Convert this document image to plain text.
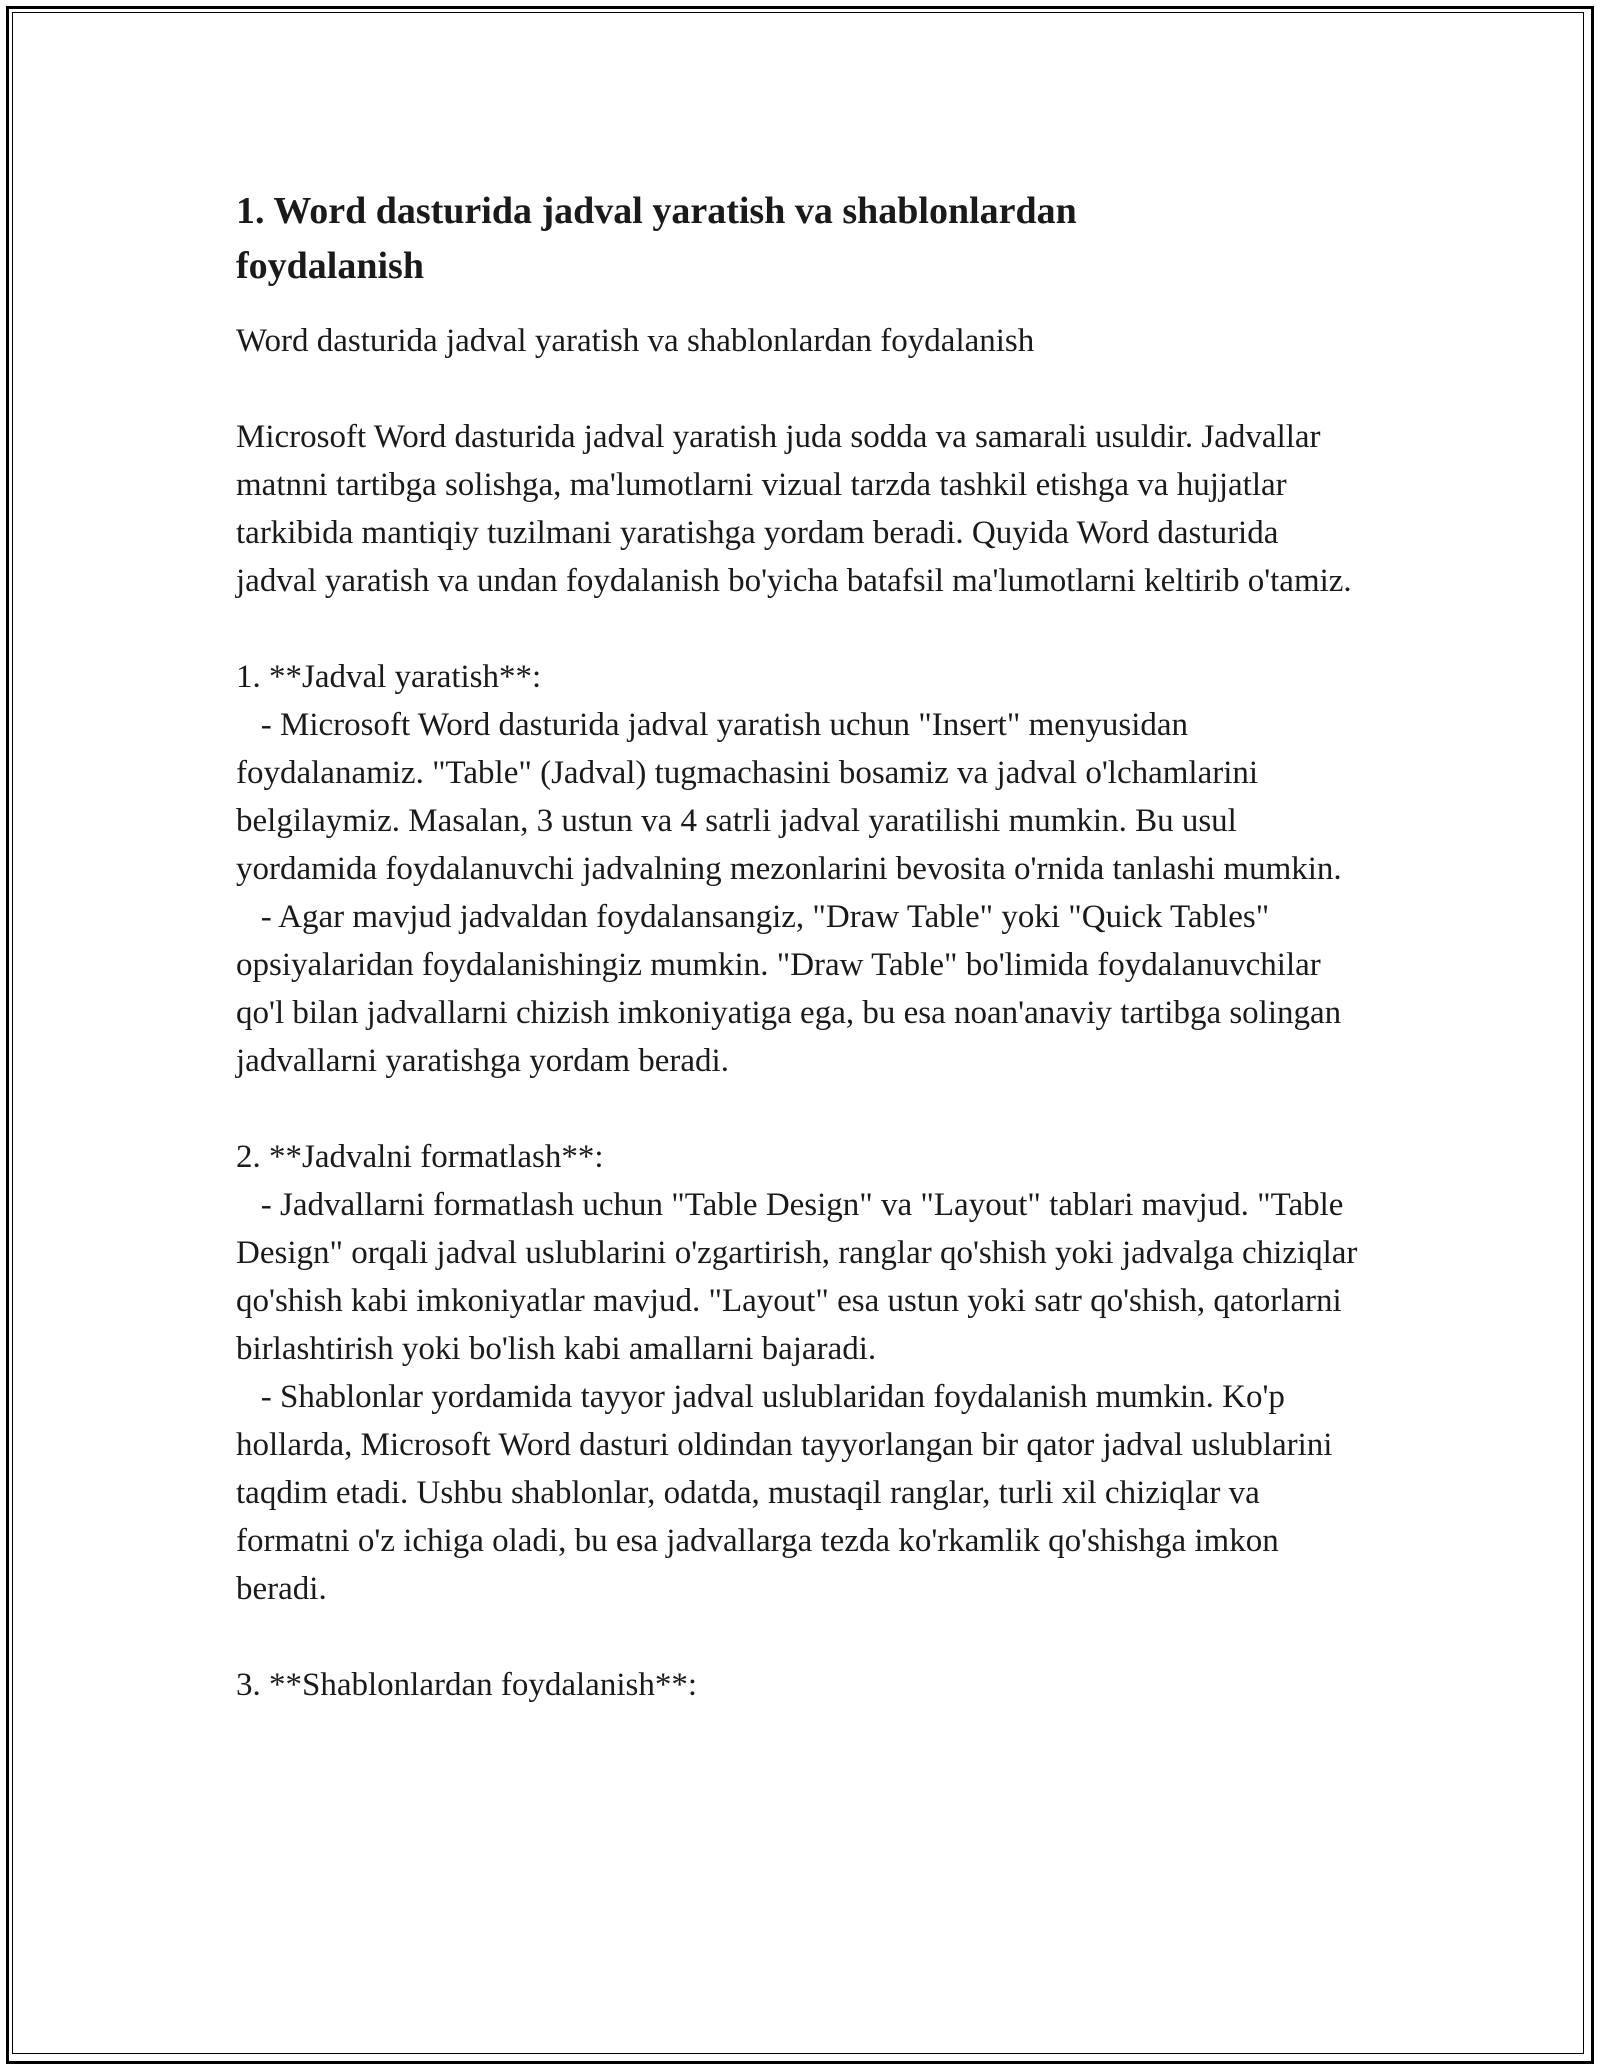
1. Word dasturida jadval yaratish va shablonlardan foydalanish
Word dasturida jadval yaratish va shablonlardan foydalanish
Microsoft Word dasturida jadval yaratish juda sodda va samarali usuldir. Jadvallar matnni tartibga solishga, ma'lumotlarni vizual tarzda tashkil etishga va hujjatlar tarkibida mantiqiy tuzilmani yaratishga yordam beradi. Quyida Word dasturida jadval yaratish va undan foydalanish bo'yicha batafsil ma'lumotlarni keltirib o'tamiz.
1. **Jadval yaratish**:
- Microsoft Word dasturida jadval yaratish uchun "Insert" menyusidan foydalanamiz. "Table" (Jadval) tugmachasini bosamiz va jadval o'lchamlarini belgilaymiz. Masalan, 3 ustun va 4 satrli jadval yaratilishi mumkin. Bu usul yordamida foydalanuvchi jadvalning mezonlarini bevosita o'rnida tanlashi mumkin.
- Agar mavjud jadvaldan foydalansangiz, "Draw Table" yoki "Quick Tables" opsiyalaridan foydalanishingiz mumkin. "Draw Table" bo'limida foydalanuvchilar qo'l bilan jadvallarni chizish imkoniyatiga ega, bu esa noan'anaviy tartibga solingan jadvallarni yaratishga yordam beradi.
2. **Jadvalni formatlash**:
- Jadvallarni formatlash uchun "Table Design" va "Layout" tablari mavjud. "Table Design" orqali jadval uslublarini o'zgartirish, ranglar qo'shish yoki jadvalga chiziqlar qo'shish kabi imkoniyatlar mavjud. "Layout" esa ustun yoki satr qo'shish, qatorlarni birlashtirish yoki bo'lish kabi amallarni bajaradi.
- Shablonlar yordamida tayyor jadval uslublaridan foydalanish mumkin. Ko'p hollarda, Microsoft Word dasturi oldindan tayyorlangan bir qator jadval uslublarini taqdim etadi. Ushbu shablonlar, odatda, mustaqil ranglar, turli xil chiziqlar va formatni o'z ichiga oladi, bu esa jadvallarga tezda ko'rkamlik qo'shishga imkon beradi.
3. **Shablonlardan foydalanish**:
